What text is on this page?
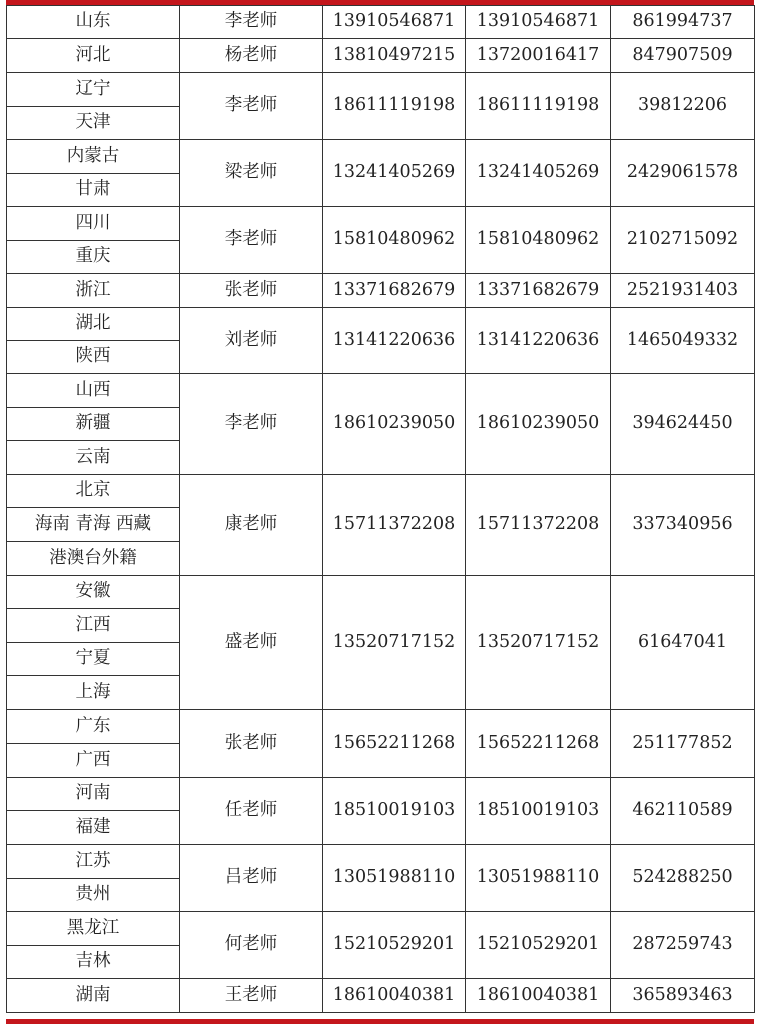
山东	李老师	13910546871	13910546871	861994737
河北	杨老师	13810497215	13720016417	847907509
辽宁	李老师	18611119198	18611119198	39812206
天津				
内蒙古	梁老师	13241405269	13241405269	2429061578
甘肃				
四川	李老师	15810480962	15810480962	2102715092
重庆				
浙江	张老师	13371682679	13371682679	2521931403
湖北	刘老师	13141220636	13141220636	1465049332
陕西				
山西	李老师	18610239050	18610239050	394624450
新疆				
云南				
北京	康老师	15711372208	15711372208	337340956
海南 青海 西藏				
港澳台外籍				
安徽	盛老师	13520717152	13520717152	61647041
江西				
宁夏				
上海				
广东	张老师	15652211268	15652211268	251177852
广西				
河南	任老师	18510019103	18510019103	462110589
福建				
江苏	吕老师	13051988110	13051988110	524288250
贵州				
黑龙江	何老师	15210529201	15210529201	287259743
吉林				
湖南	王老师	18610040381	18610040381	365893463
